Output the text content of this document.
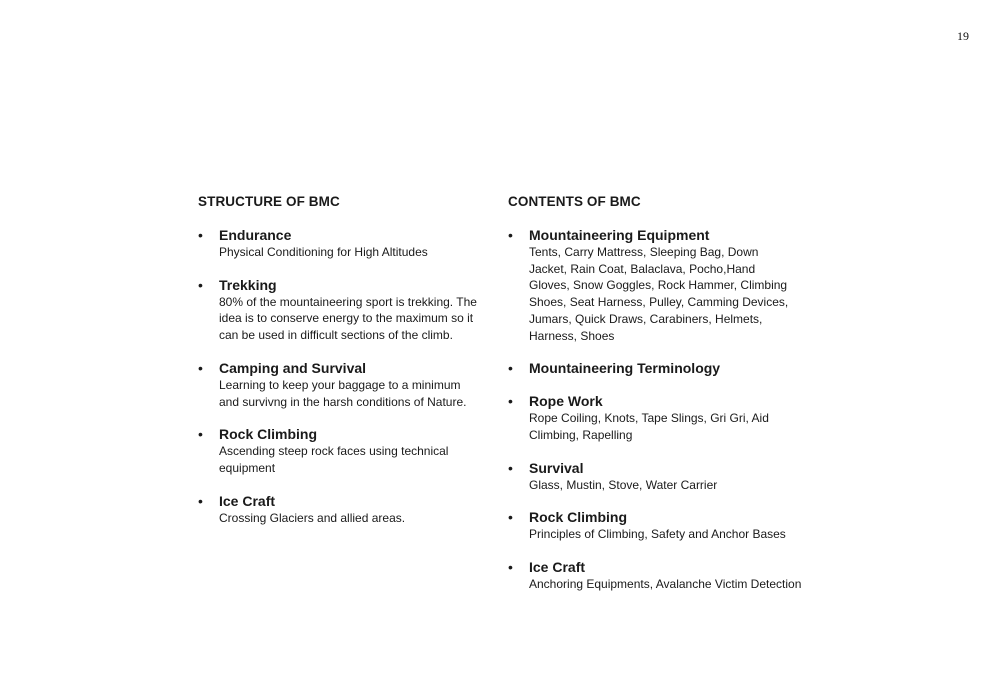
19
STRUCTURE OF BMC
• Endurance

Physical Conditioning for High Altitudes

• Trekking

80% of the mountaineering sport is trekking. The idea is to conserve energy to the maximum so it can be used in difficult sections of the climb.

• Camping and Survival

Learning to keep your baggage to a minimum and survivng in the harsh conditions of Nature.

• Rock Climbing

Ascending steep rock faces using technical equipment

• Ice Craft

Crossing Glaciers and allied areas.

CONTENTS OF BMC
• Mountaineering Equipment

Tents, Carry Mattress, Sleeping Bag, Down Jacket, Rain Coat, Balaclava, Pocho,Hand Gloves, Snow Goggles, Rock Hammer, Climbing Shoes, Seat Harness, Pulley, Camming Devices, Jumars, Quick Draws, Carabiners, Helmets, Harness, Shoes

• Mountaineering Terminology

• Rope Work

Rope Coiling, Knots, Tape Slings, Gri Gri, Aid Climbing, Rapelling

• Survival

Glass, Mustin, Stove, Water Carrier

• Rock Climbing

Principles of Climbing, Safety and Anchor Bases

• Ice Craft

Anchoring Equipments, Avalanche Victim Detection
